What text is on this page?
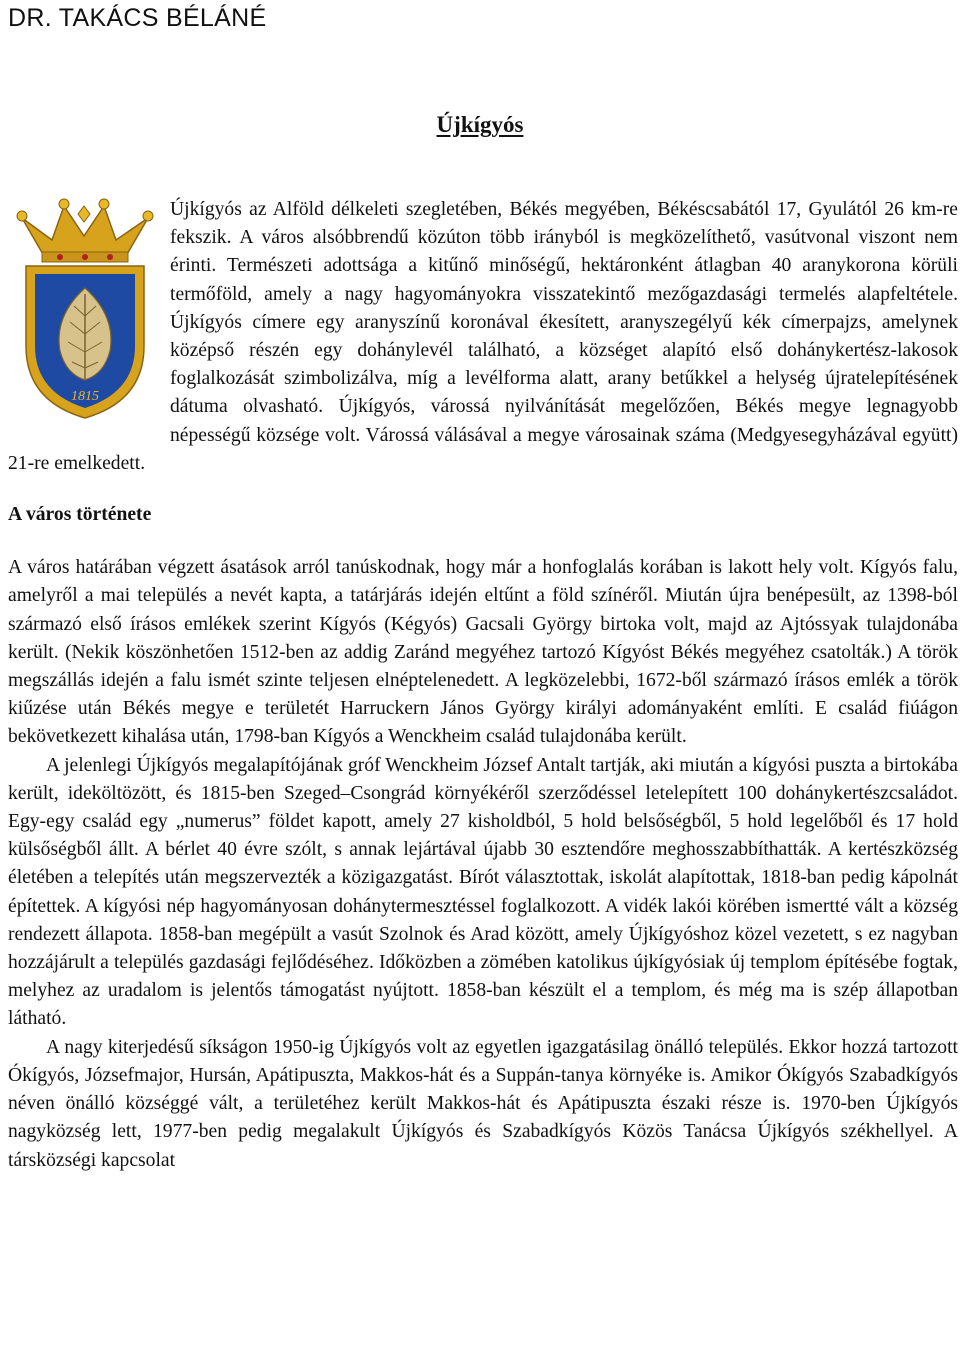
DR. TAKÁCS BÉLÁNÉ
Újkígyós
1815

Újkígyós az Alföld délkeleti szegletében, Békés megyében, Békéscsabától 17, Gyulától 26 km-re fekszik. A város alsóbbrendű közúton több irányból is megközelíthető, vasútvonal viszont nem érinti. Természeti adottsága a kitűnő minőségű, hektáronként átlagban 40 aranykorona körüli termőföld, amely a nagy hagyományokra visszatekintő mezőgazdasági termelés alapfeltétele. Újkígyós címere egy aranyszínű koronával ékesített, aranyszegélyű kék címerpajzs, amelynek középső részén egy dohánylevél található, a községet alapító első dohánykertész-lakosok foglalkozását szimbolizálva, míg a levélforma alatt, arany betűkkel a helység újratelepítésének dátuma olvasható. Újkígyós, várossá nyilvánítását megelőzően, Békés megye legnagyobb népességű községe volt. Várossá válásával a megye városainak száma (Medgyesegyházával együtt) 21-re emelkedett.

A város története

A város határában végzett ásatások arról tanúskodnak, hogy már a honfoglalás korában is lakott hely volt. Kígyós falu, amelyről a mai település a nevét kapta, a tatárjárás idején eltűnt a föld színéről. Miután újra benépesült, az 1398-ból származó első írásos emlékek szerint Kígyós (Kégyós) Gacsali György birtoka volt, majd az Ajtóssyak tulajdonába került. (Nekik köszönhetően 1512-ben az addig Zaránd megyéhez tartozó Kígyóst Békés megyéhez csatolták.) A török megszállás idején a falu ismét szinte teljesen elnéptelenedett. A legközelebbi, 1672-ből származó írásos emlék a török kiűzése után Békés megye e területét Harruckern János György királyi adományaként említi. E család fiúágon bekövetkezett kihalása után, 1798-ban Kígyós a Wenckheim család tulajdonába került.

A jelenlegi Újkígyós megalapítójának gróf Wenckheim József Antalt tartják, aki miután a kígyósi puszta a birtokába került, ideköltözött, és 1815-ben Szeged–Csongrád környékéről szerződéssel letelepített 100 dohánykertészcsaládot. Egy-egy család egy „numerus” földet kapott, amely 27 kisholdból, 5 hold belsőségből, 5 hold legelőből és 17 hold külsőségből állt. A bérlet 40 évre szólt, s annak lejártával újabb 30 esztendőre meghosszabbíthatták. A kertészközség életében a telepítés után megszervezték a közigazgatást. Bírót választottak, iskolát alapítottak, 1818-ban pedig kápolnát építettek. A kígyósi nép hagyományosan dohánytermesztéssel foglalkozott. A vidék lakói körében ismertté vált a község rendezett állapota. 1858-ban megépült a vasút Szolnok és Arad között, amely Újkígyóshoz közel vezetett, s ez nagyban hozzájárult a település gazdasági fejlődéséhez. Időközben a zömében katolikus újkígyósiak új templom építésébe fogtak, melyhez az uradalom is jelentős támogatást nyújtott. 1858-ban készült el a templom, és még ma is szép állapotban látható.

A nagy kiterjedésű síkságon 1950-ig Újkígyós volt az egyetlen igazgatásilag önálló település. Ekkor hozzá tartozott Ókígyós, Józsefmajor, Hursán, Apátipuszta, Makkos-hát és a Suppán-tanya környéke is. Amikor Ókígyós Szabadkígyós néven önálló községgé vált, a területéhez került Makkos-hát és Apátipuszta északi része is. 1970-ben Újkígyós nagyközség lett, 1977-ben pedig megalakult Újkígyós és Szabadkígyós Közös Tanácsa Újkígyós székhellyel. A társközségi kapcsolat
